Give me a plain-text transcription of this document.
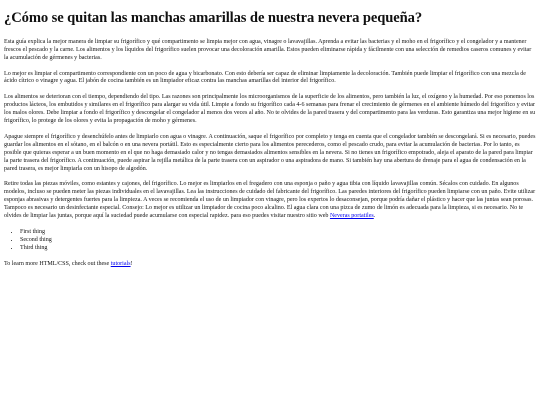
¿Cómo se quitan las manchas amarillas de nuestra nevera pequeña?

Esta guía explica la mejor manera de limpiar su frigorífico y qué compartimento se limpia mejor con agua, vinagre o lavavajillas. Aprenda a evitar las bacterias y el moho en el frigorífico y el congelador y a mantener frescos el pescado y la carne. Los alimentos y los líquidos del frigorífico suelen provocar una decoloración amarilla. Estos pueden eliminarse rápida y fácilmente con una selección de remedios caseros comunes y evitar la acumulación de gérmenes y bacterias.

Lo mejor es limpiar el compartimento correspondiente con un poco de agua y bicarbonato. Con esto debería ser capaz de eliminar limpiamente la decoloración. También puede limpiar el frigorífico con una mezcla de ácido cítrico o vinagre y agua. El jabón de cocina también es un limpiador eficaz contra las manchas amarillas del interior del frigorífico.

Los alimentos se deterioran con el tiempo, dependiendo del tipo. Las razones son principalmente los microorganismos de la superficie de los alimentos, pero también la luz, el oxígeno y la humedad. Por eso ponemos los productos lácteos, los embutidos y similares en el frigorífico para alargar su vida útil. Limpie a fondo su frigorífico cada 4-6 semanas para frenar el crecimiento de gérmenes en el ambiente húmedo del frigorífico y evitar los malos olores. Debe limpiar a fondo el frigorífico y descongelar el congelador al menos dos veces al año. No te olvides de la pared trasera y del compartimento para las verduras. Esto garantiza una mejor higiene en su frigorífico, lo protege de los olores y evita la propagación de moho y gérmenes.

Apague siempre el frigorífico y desenchúfelo antes de limpiarlo con agua o vinagre. A continuación, saque el frigorífico por completo y tenga en cuenta que el congelador también se descongelará. Si es necesario, puedes guardar los alimentos en el sótano, en el balcón o en una nevera portátil. Esto es especialmente cierto para los alimentos perecederos, como el pescado crudo, para evitar la acumulación de bacterias. Por lo tanto, es posible que quieras esperar a un buen momento en el que no haga demasiado calor y no tengas demasiados alimentos sensibles en la nevera. Si no tienes un frigorífico empotrado, aleja el aparato de la pared para limpiar la parte trasera del frigorífico. A continuación, puede aspirar la rejilla metálica de la parte trasera con un aspirador o una aspiradora de mano. Si también hay una abertura de drenaje para el agua de condensación en la pared trasera, es mejor limpiarla con un hisopo de algodón.

Retire todas las piezas móviles, como estantes y cajones, del frigorífico. Lo mejor es limpiarlos en el fregadero con una esponja o paño y agua tibia con líquido lavavajillas común. Sécalos con cuidado. En algunos modelos, incluso se pueden meter las piezas individuales en el lavavajillas. Lea las instrucciones de cuidado del fabricante del frigorífico. Las paredes interiores del frigorífico pueden limpiarse con un paño. Evite utilizar esponjas abrasivas y detergentes fuertes para la limpieza. A veces se recomienda el uso de un limpiador con vinagre, pero los expertos lo desaconsejan, porque podría dañar el plástico y hacer que las juntas sean porosas. Tampoco es necesario un desinfectante especial. Consejo: Lo mejor es utilizar un limpiador de cocina poco alcalino. El agua clara con una pizca de zumo de limón es adecuada para la limpieza, si es necesario. No te olvides de limpiar las juntas, porque aquí la suciedad puede acumularse con especial rapidez. para eso puedes visitar nuestro sitio web Neveras portatiles.

• First thing
• Second thing
• Third thing

To learn more HTML/CSS, check out these tutorials!
